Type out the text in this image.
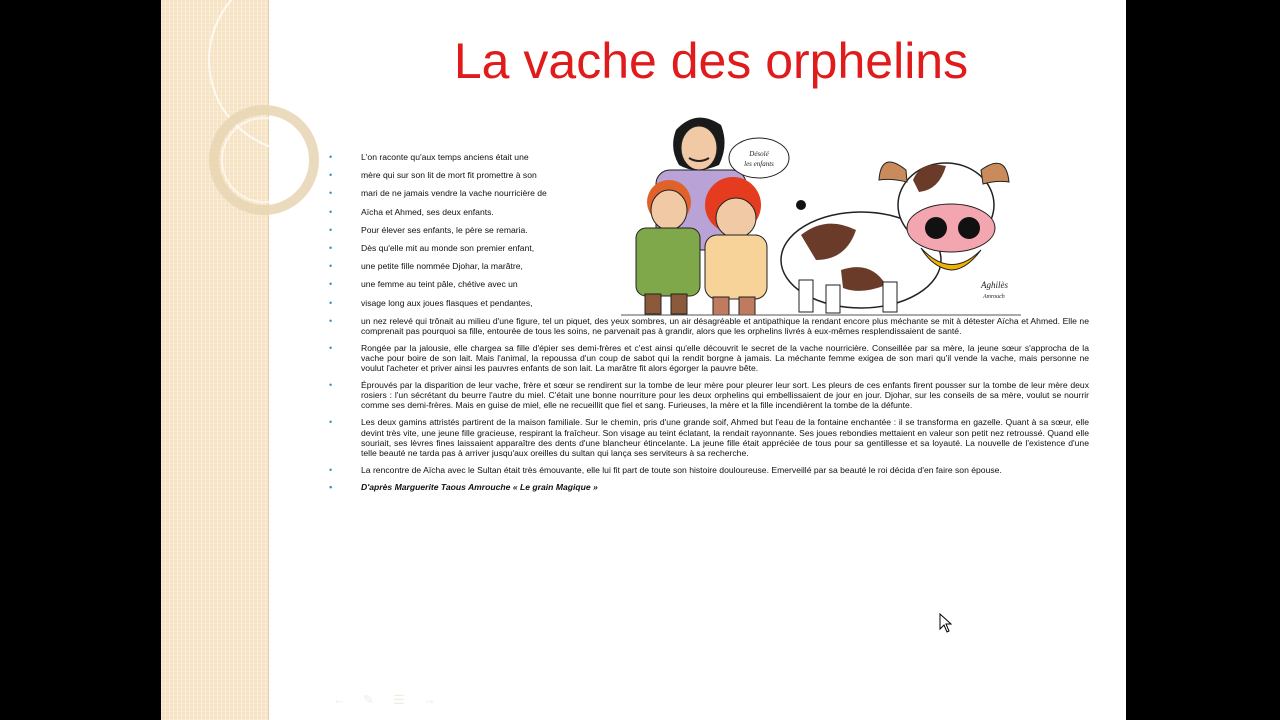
La vache des orphelins
Désolé
les enfants
Aghilès
Amrouch
• L'on raconte qu'aux temps anciens était une
• mère qui sur son lit de mort fit promettre à son
• mari de ne jamais vendre la vache nourricière de
• Aïcha et Ahmed, ses deux enfants.
• Pour élever ses enfants, le père se remaria.
• Dès qu'elle mit au monde son premier enfant,
• une petite fille nommée Djohar, la marâtre,
• une femme au teint pâle, chétive avec un
• visage long aux joues flasques et pendantes,
• un nez relevé qui trônait au milieu d'une figure, tel un piquet, des yeux sombres, un air désagréable et antipathique la rendant encore plus méchante se mit à détester Aïcha et Ahmed. Elle ne comprenait pas pourquoi sa fille, entourée de tous les soins, ne parvenait pas à grandir, alors que les orphelins livrés à eux-mêmes resplendissaient de santé.
• Rongée par la jalousie, elle chargea sa fille d'épier ses demi-frères et c'est ainsi qu'elle découvrit le secret de la vache nourricière. Conseillée par sa mère, la jeune sœur s'approcha de la vache pour boire de son lait. Mais l'animal, la repoussa d'un coup de sabot qui la rendit borgne à jamais. La méchante femme exigea de son mari qu'il vende la vache, mais personne ne voulut l'acheter et priver ainsi les pauvres enfants de son lait. La marâtre fit alors égorger la pauvre bête.
• Éprouvés par la disparition de leur vache, frère et sœur se rendirent sur la tombe de leur mère pour pleurer leur sort. Les pleurs de ces enfants firent pousser sur la tombe de leur mère deux rosiers : l'un sécrétant du beurre l'autre du miel. C'était une bonne nourriture pour les deux orphelins qui embellissaient de jour en jour. Djohar, sur les conseils de sa mère, voulut se nourrir comme ses demi-frères. Mais en guise de miel, elle ne recueillit que fiel et sang. Furieuses, la mère et la fille incendièrent la tombe de la défunte.
• Les deux gamins attristés partirent de la maison familiale. Sur le chemin, pris d'une grande soif, Ahmed but l'eau de la fontaine enchantée : il se transforma en gazelle. Quant à sa sœur, elle devint très vite, une jeune fille gracieuse, respirant la fraîcheur. Son visage au teint éclatant, la rendait rayonnante. Ses joues rebondies mettaient en valeur son petit nez retroussé. Quand elle souriait, ses lèvres fines laissaient apparaître des dents d'une blancheur étincelante. La jeune fille était appréciée de tous pour sa gentillesse et sa loyauté. La nouvelle de l'existence d'une telle beauté ne tarda pas à arriver jusqu'aux oreilles du sultan qui lança ses serviteurs à sa recherche.
• La rencontre de Aïcha avec le Sultan était très émouvante, elle lui fit part de toute son histoire douloureuse. Emerveillé par sa beauté le roi décida d'en faire son épouse.
• D'après Marguerite Taous Amrouche « Le grain Magique »
← ✎ ☰ →
